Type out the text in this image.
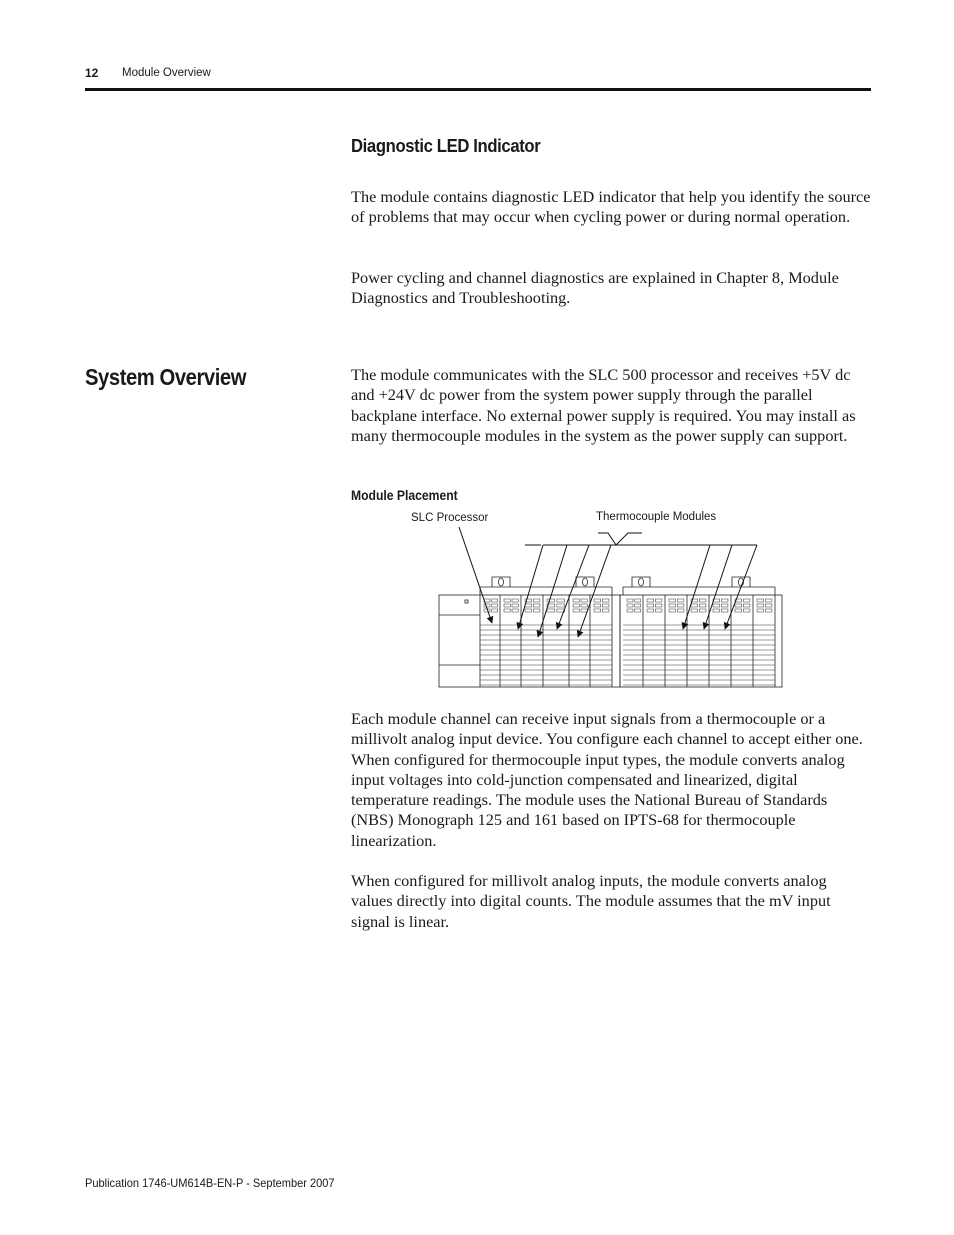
12 Module Overview
Diagnostic LED Indicator

The module contains diagnostic LED indicator that help you identify the source of problems that may occur when cycling power or during normal operation.

Power cycling and channel diagnostics are explained in Chapter 8, Module Diagnostics and Troubleshooting.

System Overview	The module communicates with the SLC 500 processor and receives +5V dc and +24V dc power from the system power supply through the parallel backplane interface. No external power supply is required. You may install as many thermocouple modules in the system as the power supply can support.

Module Placement
SLC Processor	Thermocouple Modules

Each module channel can receive input signals from a thermocouple or a millivolt analog input device. You configure each channel to accept either one. When configured for thermocouple input types, the module converts analog input voltages into cold-junction compensated and linearized, digital temperature readings. The module uses the National Bureau of Standards (NBS) Monograph 125 and 161 based on IPTS-68 for thermocouple linearization.

When configured for millivolt analog inputs, the module converts analog values directly into digital counts. The module assumes that the mV input signal is linear.

Publication 1746-UM614B-EN-P - September 2007
